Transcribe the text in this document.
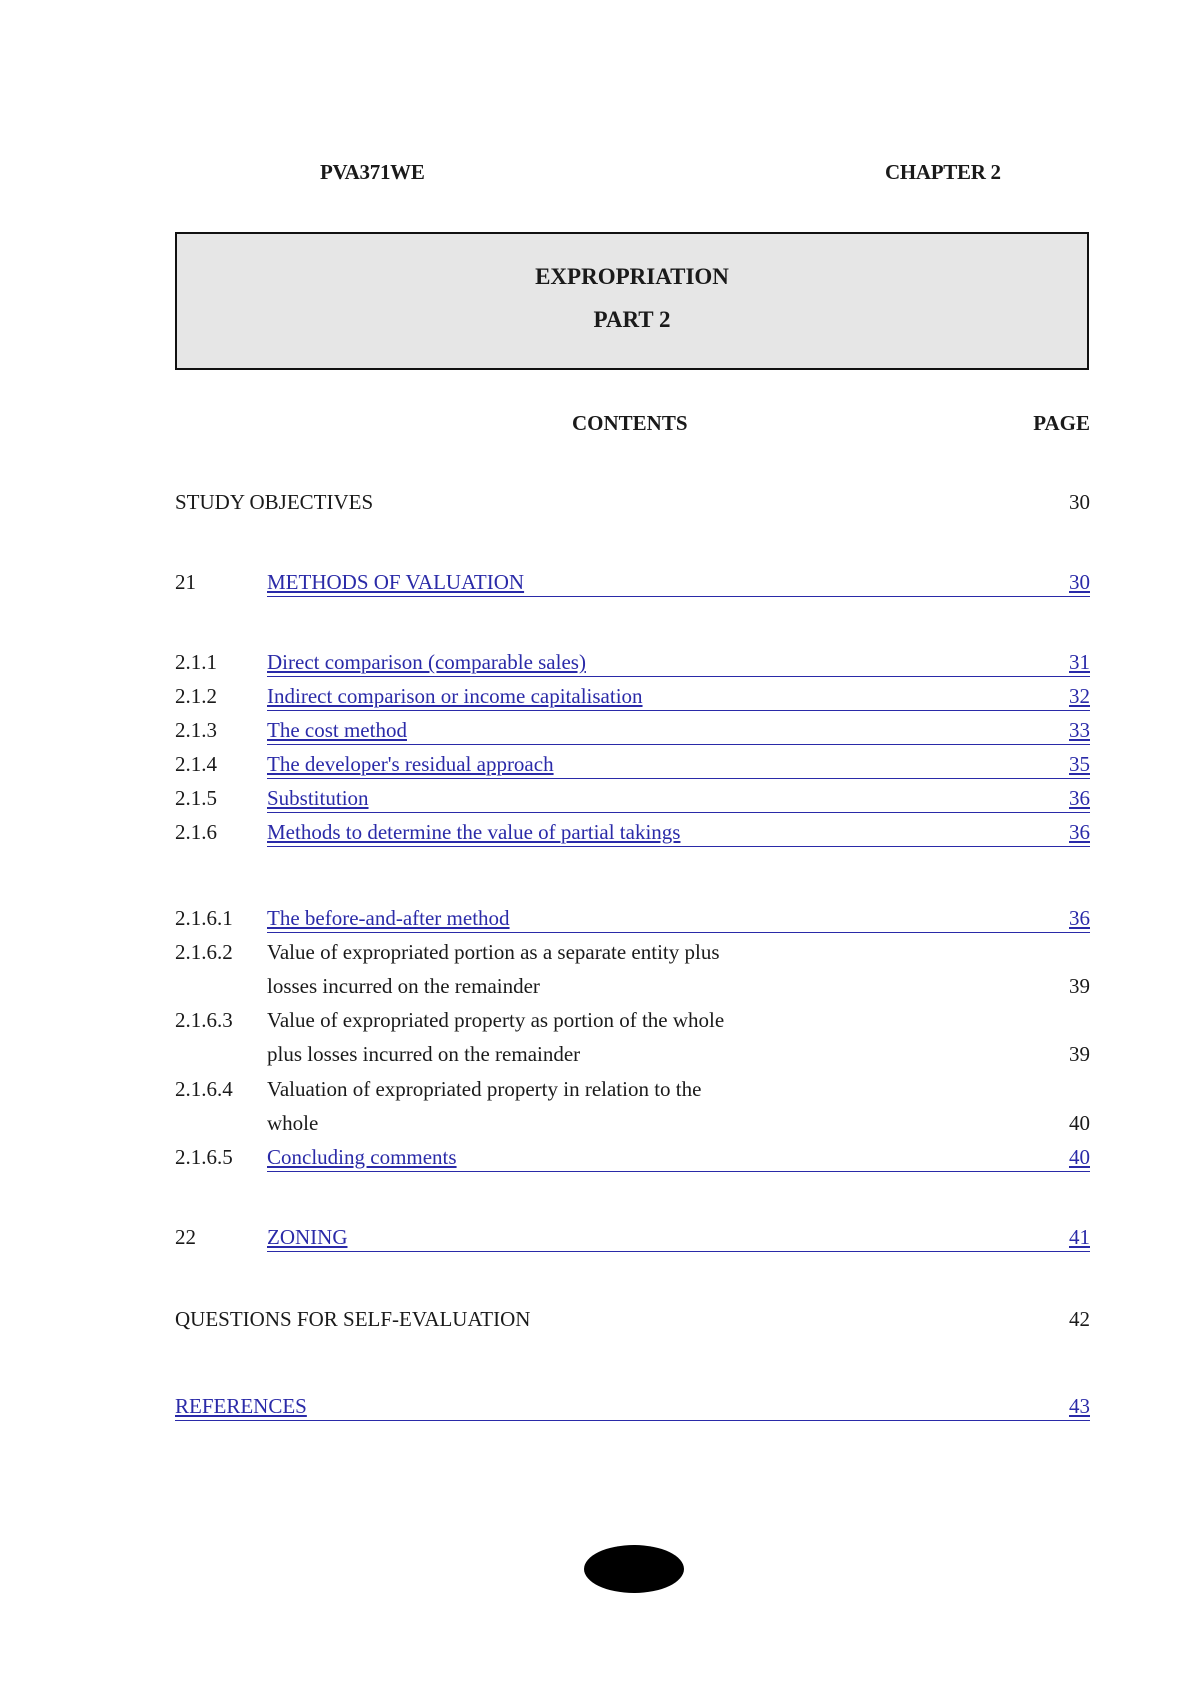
PVA371WE	CHAPTER 2
EXPROPRIATION
PART 2
CONTENTS	PAGE
STUDY OBJECTIVES	30
21	METHODS OF VALUATION	30
2.1.1 Direct comparison (comparable sales)	31
2.1.2 Indirect comparison or income capitalisation	32
2.1.3 The cost method	33
2.1.4 The developer's residual approach	35
2.1.5 Substitution	36
2.1.6 Methods to determine the value of partial takings	36
2.1.6.1 The before-and-after method	36
2.1.6.2 Value of expropriated portion as a separate entity plus
losses incurred on the remainder	39
2.1.6.3 Value of expropriated property as portion of the whole
plus losses incurred on the remainder	39
2.1.6.4 Valuation of expropriated property in relation to the
whole	40
2.1.6.5 Concluding comments	40
22	ZONING	41
QUESTIONS FOR SELF-EVALUATION	42
REFERENCES	43
